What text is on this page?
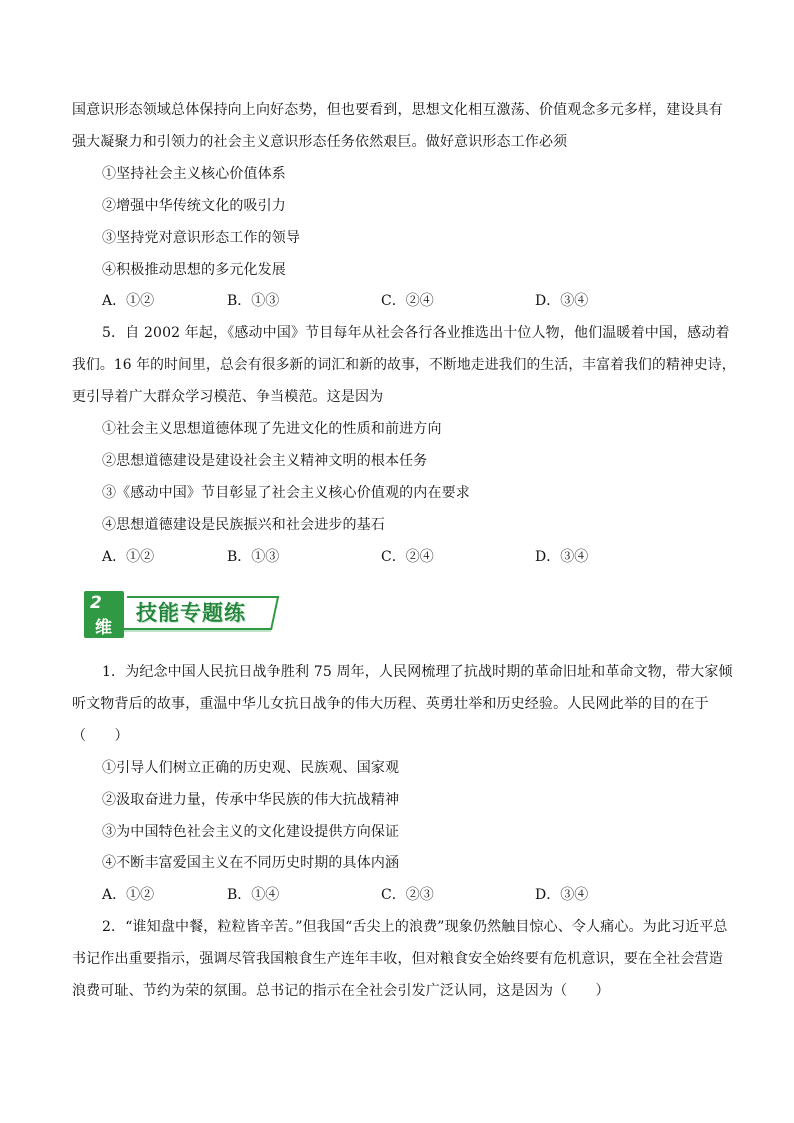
国意识形态领域总体保持向上向好态势，但也要看到，思想文化相互激荡、价值观念多元多样，建设具有
强大凝聚力和引领力的社会主义意识形态任务依然艰巨。做好意识形态工作必须
①坚持社会主义核心价值体系
②增强中华传统文化的吸引力
③坚持党对意识形态工作的领导
④积极推动思想的多元化发展
A．①②	B．①③	C．②④	D．③④
5．自 2002 年起，《感动中国》节目每年从社会各行各业推选出十位人物，他们温暖着中国，感动着
我们。16 年的时间里，总会有很多新的词汇和新的故事，不断地走进我们的生活，丰富着我们的精神史诗，
更引导着广大群众学习模范、争当模范。这是因为
①社会主义思想道德体现了先进文化的性质和前进方向
②思想道德建设是建设社会主义精神文明的根本任务
③《感动中国》节目彰显了社会主义核心价值观的内在要求
④思想道德建设是民族振兴和社会进步的基石
A．①②	B．①③	C．②④	D．③④
2
维
技能专题练
1．为纪念中国人民抗日战争胜利 75 周年，人民网梳理了抗战时期的革命旧址和革命文物，带大家倾
听文物背后的故事，重温中华儿女抗日战争的伟大历程、英勇壮举和历史经验。人民网此举的目的在于
（　　）
①引导人们树立正确的历史观、民族观、国家观
②汲取奋进力量，传承中华民族的伟大抗战精神
③为中国特色社会主义的文化建设提供方向保证
④不断丰富爱国主义在不同历史时期的具体内涵
A．①②	B．①④	C．②③	D．③④
2．“谁知盘中餐，粒粒皆辛苦。”但我国“舌尖上的浪费”现象仍然触目惊心、令人痛心。为此习近平总
书记作出重要指示，强调尽管我国粮食生产连年丰收，但对粮食安全始终要有危机意识，要在全社会营造
浪费可耻、节约为荣的氛围。总书记的指示在全社会引发广泛认同，这是因为（　　）
